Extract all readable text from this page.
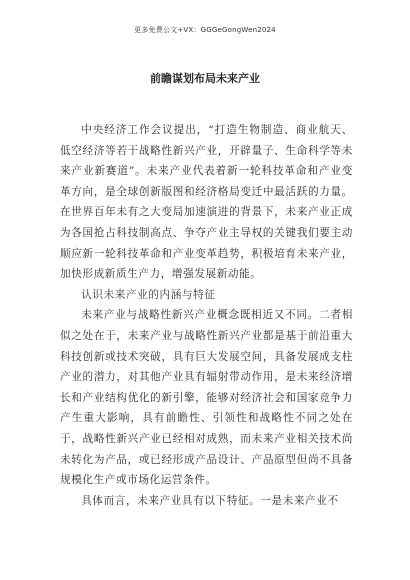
更多免费公文+VX：GGGeGongWen2024
前瞻谋划布局未来产业

中央经济工作会议提出，“打造生物制造、商业航天、低空经济等若干战略性新兴产业，开辟量子、生命科学等未来产业新赛道”。未来产业代表着新一轮科技革命和产业变革方向，是全球创新版图和经济格局变迁中最活跃的力量。在世界百年未有之大变局加速演进的背景下，未来产业正成为各国抢占科技制高点、争夺产业主导权的关键我们要主动顺应新一轮科技革命和产业变革趋势，积极培育未来产业，加快形成新质生产力，增强发展新动能。

认识未来产业的内涵与特征

未来产业与战略性新兴产业概念既相近又不同。二者相似之处在于，未来产业与战略性新兴产业都是基于前沿重大科技创新或技术突破，具有巨大发展空间，具备发展成支柱产业的潜力，对其他产业具有辐射带动作用，是未来经济增长和产业结构优化的新引擎，能够对经济社会和国家竞争力产生重大影响，具有前瞻性、引领性和战略性不同之处在于，战略性新兴产业已经相对成熟，而未来产业相关技术尚未转化为产品，或已经形成产品设计、产品原型但尚不具备规模化生产或市场化运营条件。

具体而言，未来产业具有以下特征。一是未来产业不
